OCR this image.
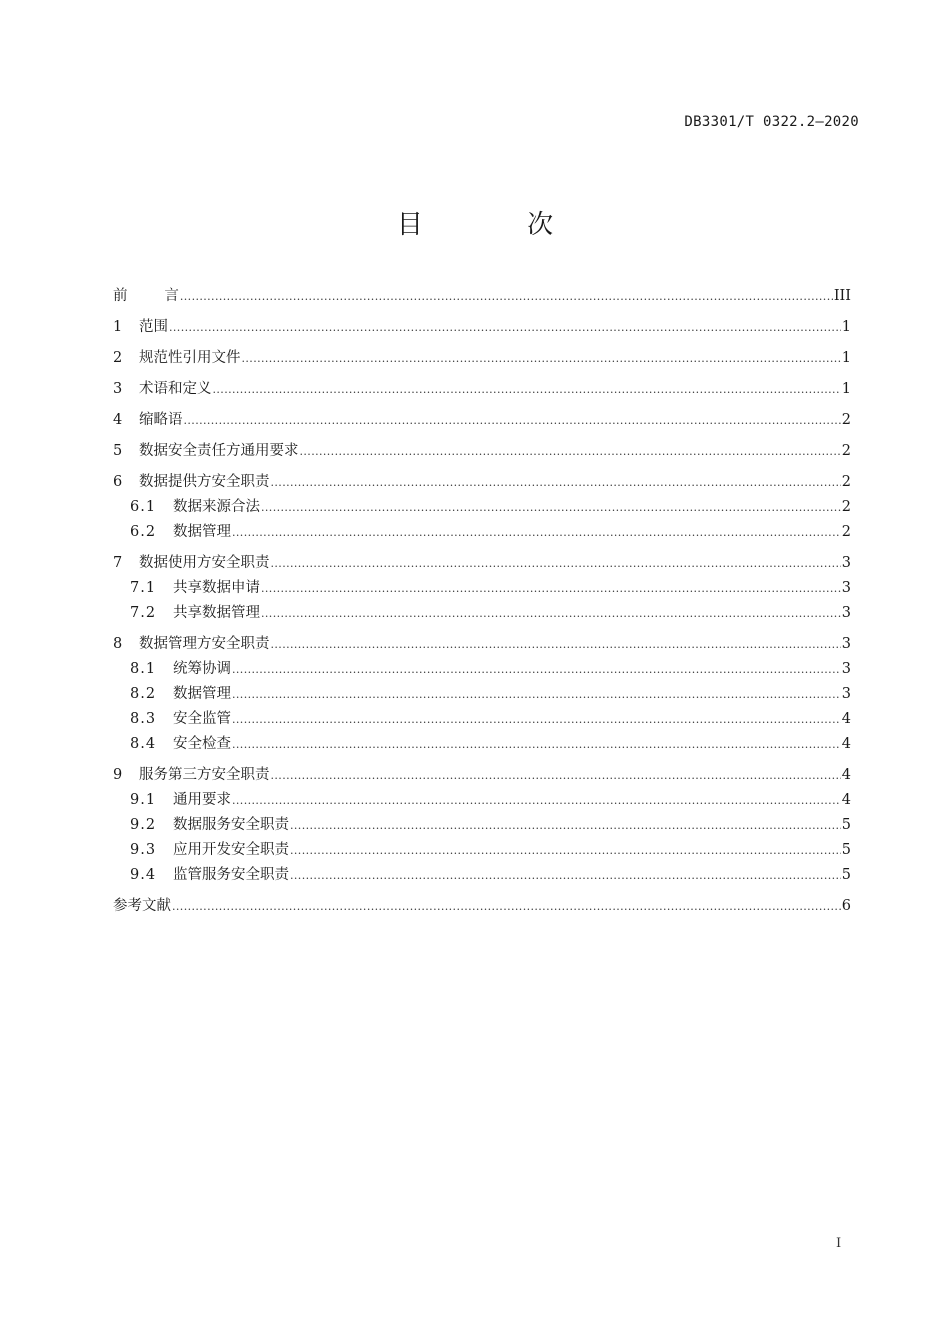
DB3301/T 0322.2—2020
目 次
前        言 .....	III
1	范围 .....	1
2	规范性引用文件 .....	1
3	术语和定义 .....	1
4	缩略语 .....	2
5	数据安全责任方通用要求 .....	2
6	数据提供方安全职责 .....	2
6.1	数据来源合法 .....	2
6.2	数据管理 .....	2
7	数据使用方安全职责 .....	3
7.1	共享数据申请 .....	3
7.2	共享数据管理 .....	3
8	数据管理方安全职责 .....	3
8.1	统筹协调 .....	3
8.2	数据管理 .....	3
8.3	安全监管 .....	4
8.4	安全检查 .....	4
9	服务第三方安全职责 .....	4
9.1	通用要求 .....	4
9.2	数据服务安全职责 .....	5
9.3	应用开发安全职责 .....	5
9.4	监管服务安全职责 .....	5
参考文献 .....	6
I
